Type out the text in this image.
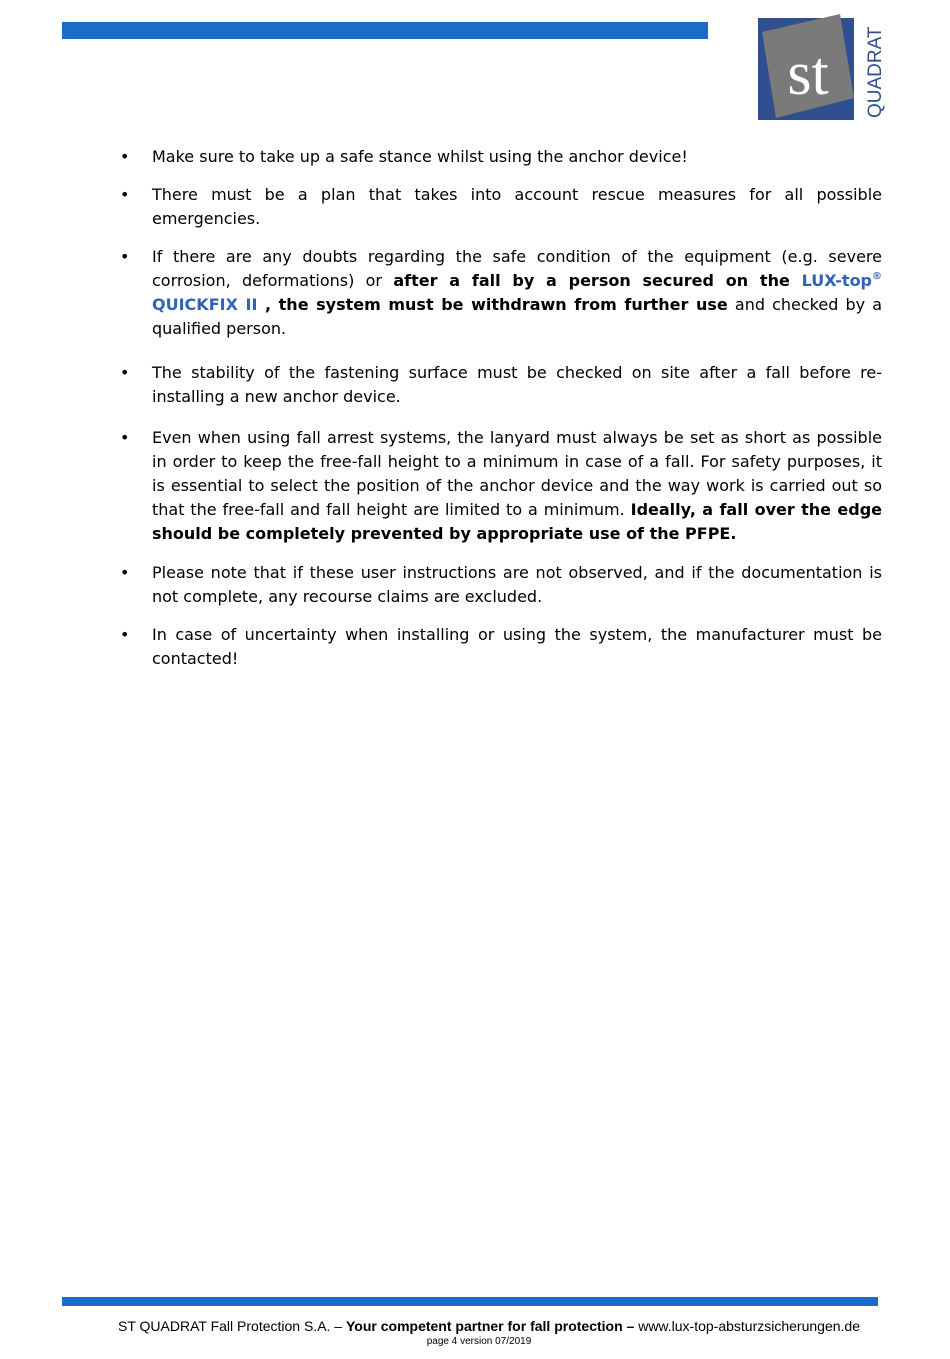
st QUADRAT
• Make sure to take up a safe stance whilst using the anchor device!
• There must be a plan that takes into account rescue measures for all possible emergencies.
• If there are any doubts regarding the safe condition of the equipment (e.g. severe corrosion, deformations) or after a fall by a person secured on the LUX-top® QUICKFIX II , the system must be withdrawn from further use and checked by a qualified person.
• The stability of the fastening surface must be checked on site after a fall before re-installing a new anchor device.
• Even when using fall arrest systems, the lanyard must always be set as short as possible in order to keep the free-fall height to a minimum in case of a fall. For safety purposes, it is essential to select the position of the anchor device and the way work is carried out so that the free-fall and fall height are limited to a minimum. Ideally, a fall over the edge should be completely prevented by appropriate use of the PFPE.
• Please note that if these user instructions are not observed, and if the documentation is not complete, any recourse claims are excluded.
• In case of uncertainty when installing or using the system, the manufacturer must be contacted!
ST QUADRAT Fall Protection S.A. – Your competent partner for fall protection – www.lux-top-absturzsicherungen.de
page 4 version 07/2019
